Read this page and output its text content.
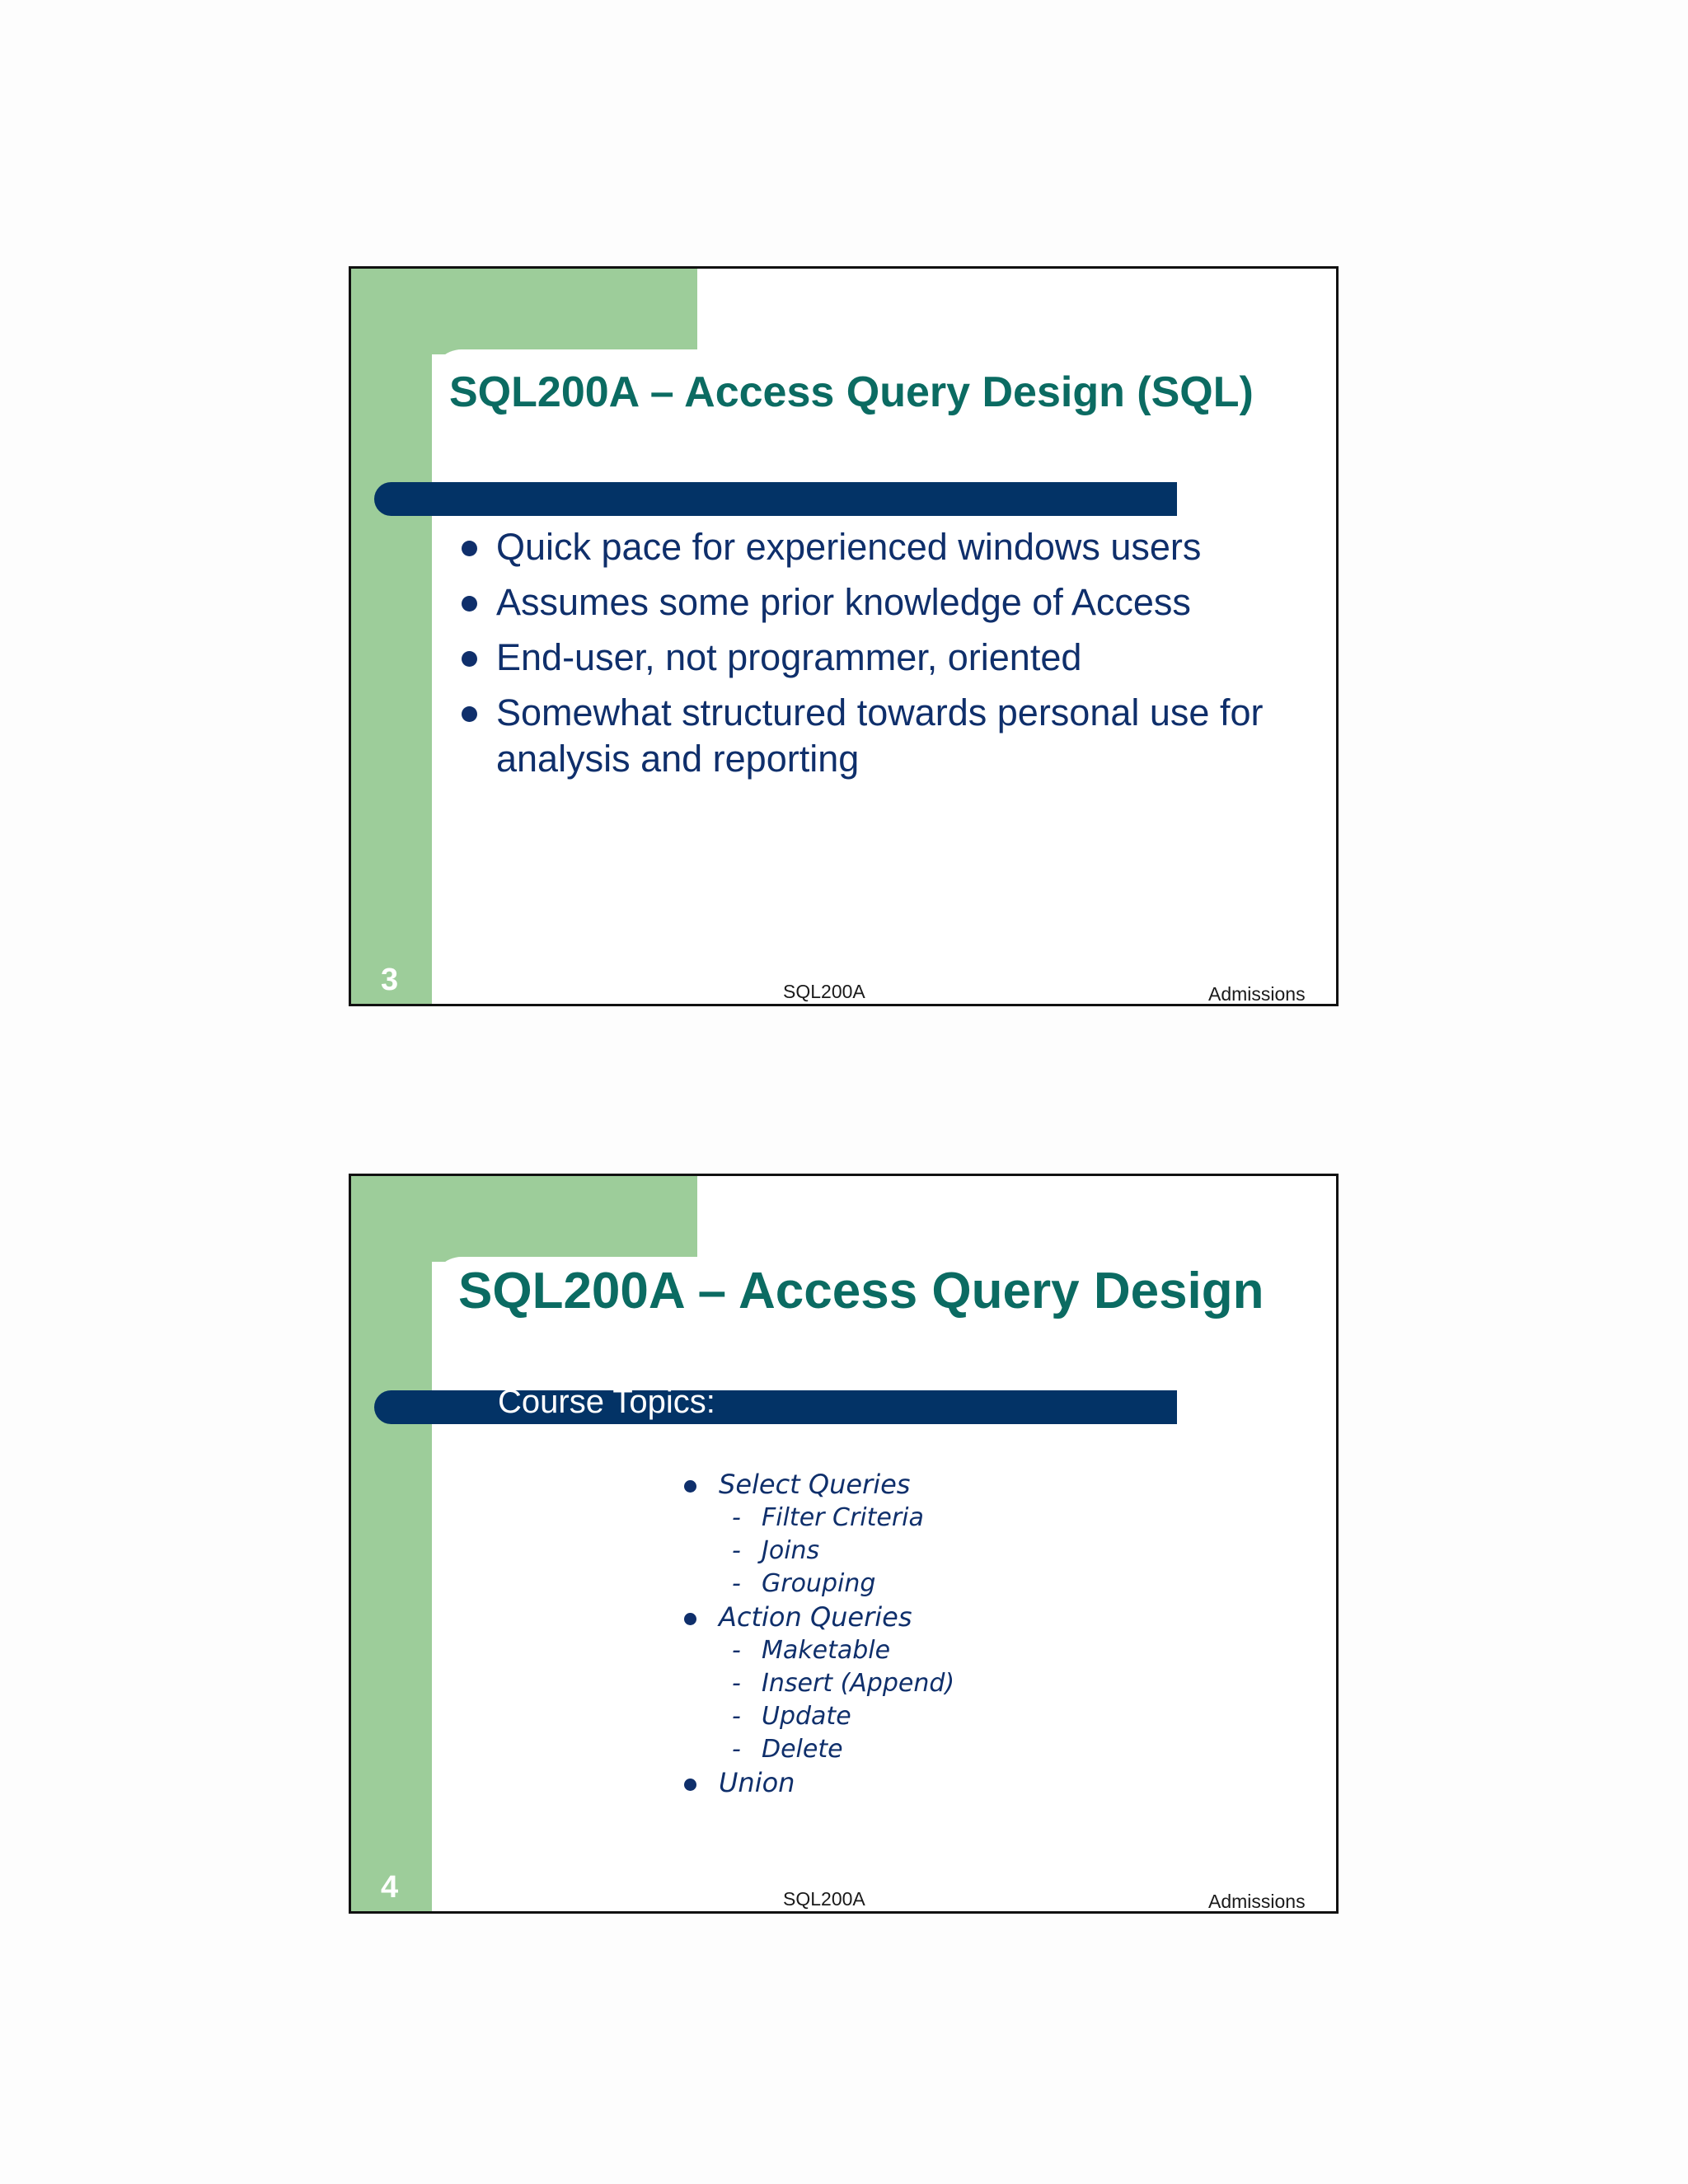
SQL200A – Access Query Design (SQL)
Quick pace for experienced windows users
Assumes some prior knowledge of Access
End-user, not programmer, oriented
Somewhat structured towards personal use for analysis and reporting
3	SQL200A	Admissions
SQL200A – Access Query Design
Course Topics:
Select Queries
- Filter Criteria
- Joins
- Grouping
Action Queries
- Maketable
- Insert (Append)
- Update
- Delete
Union
4	SQL200A	Admissions
